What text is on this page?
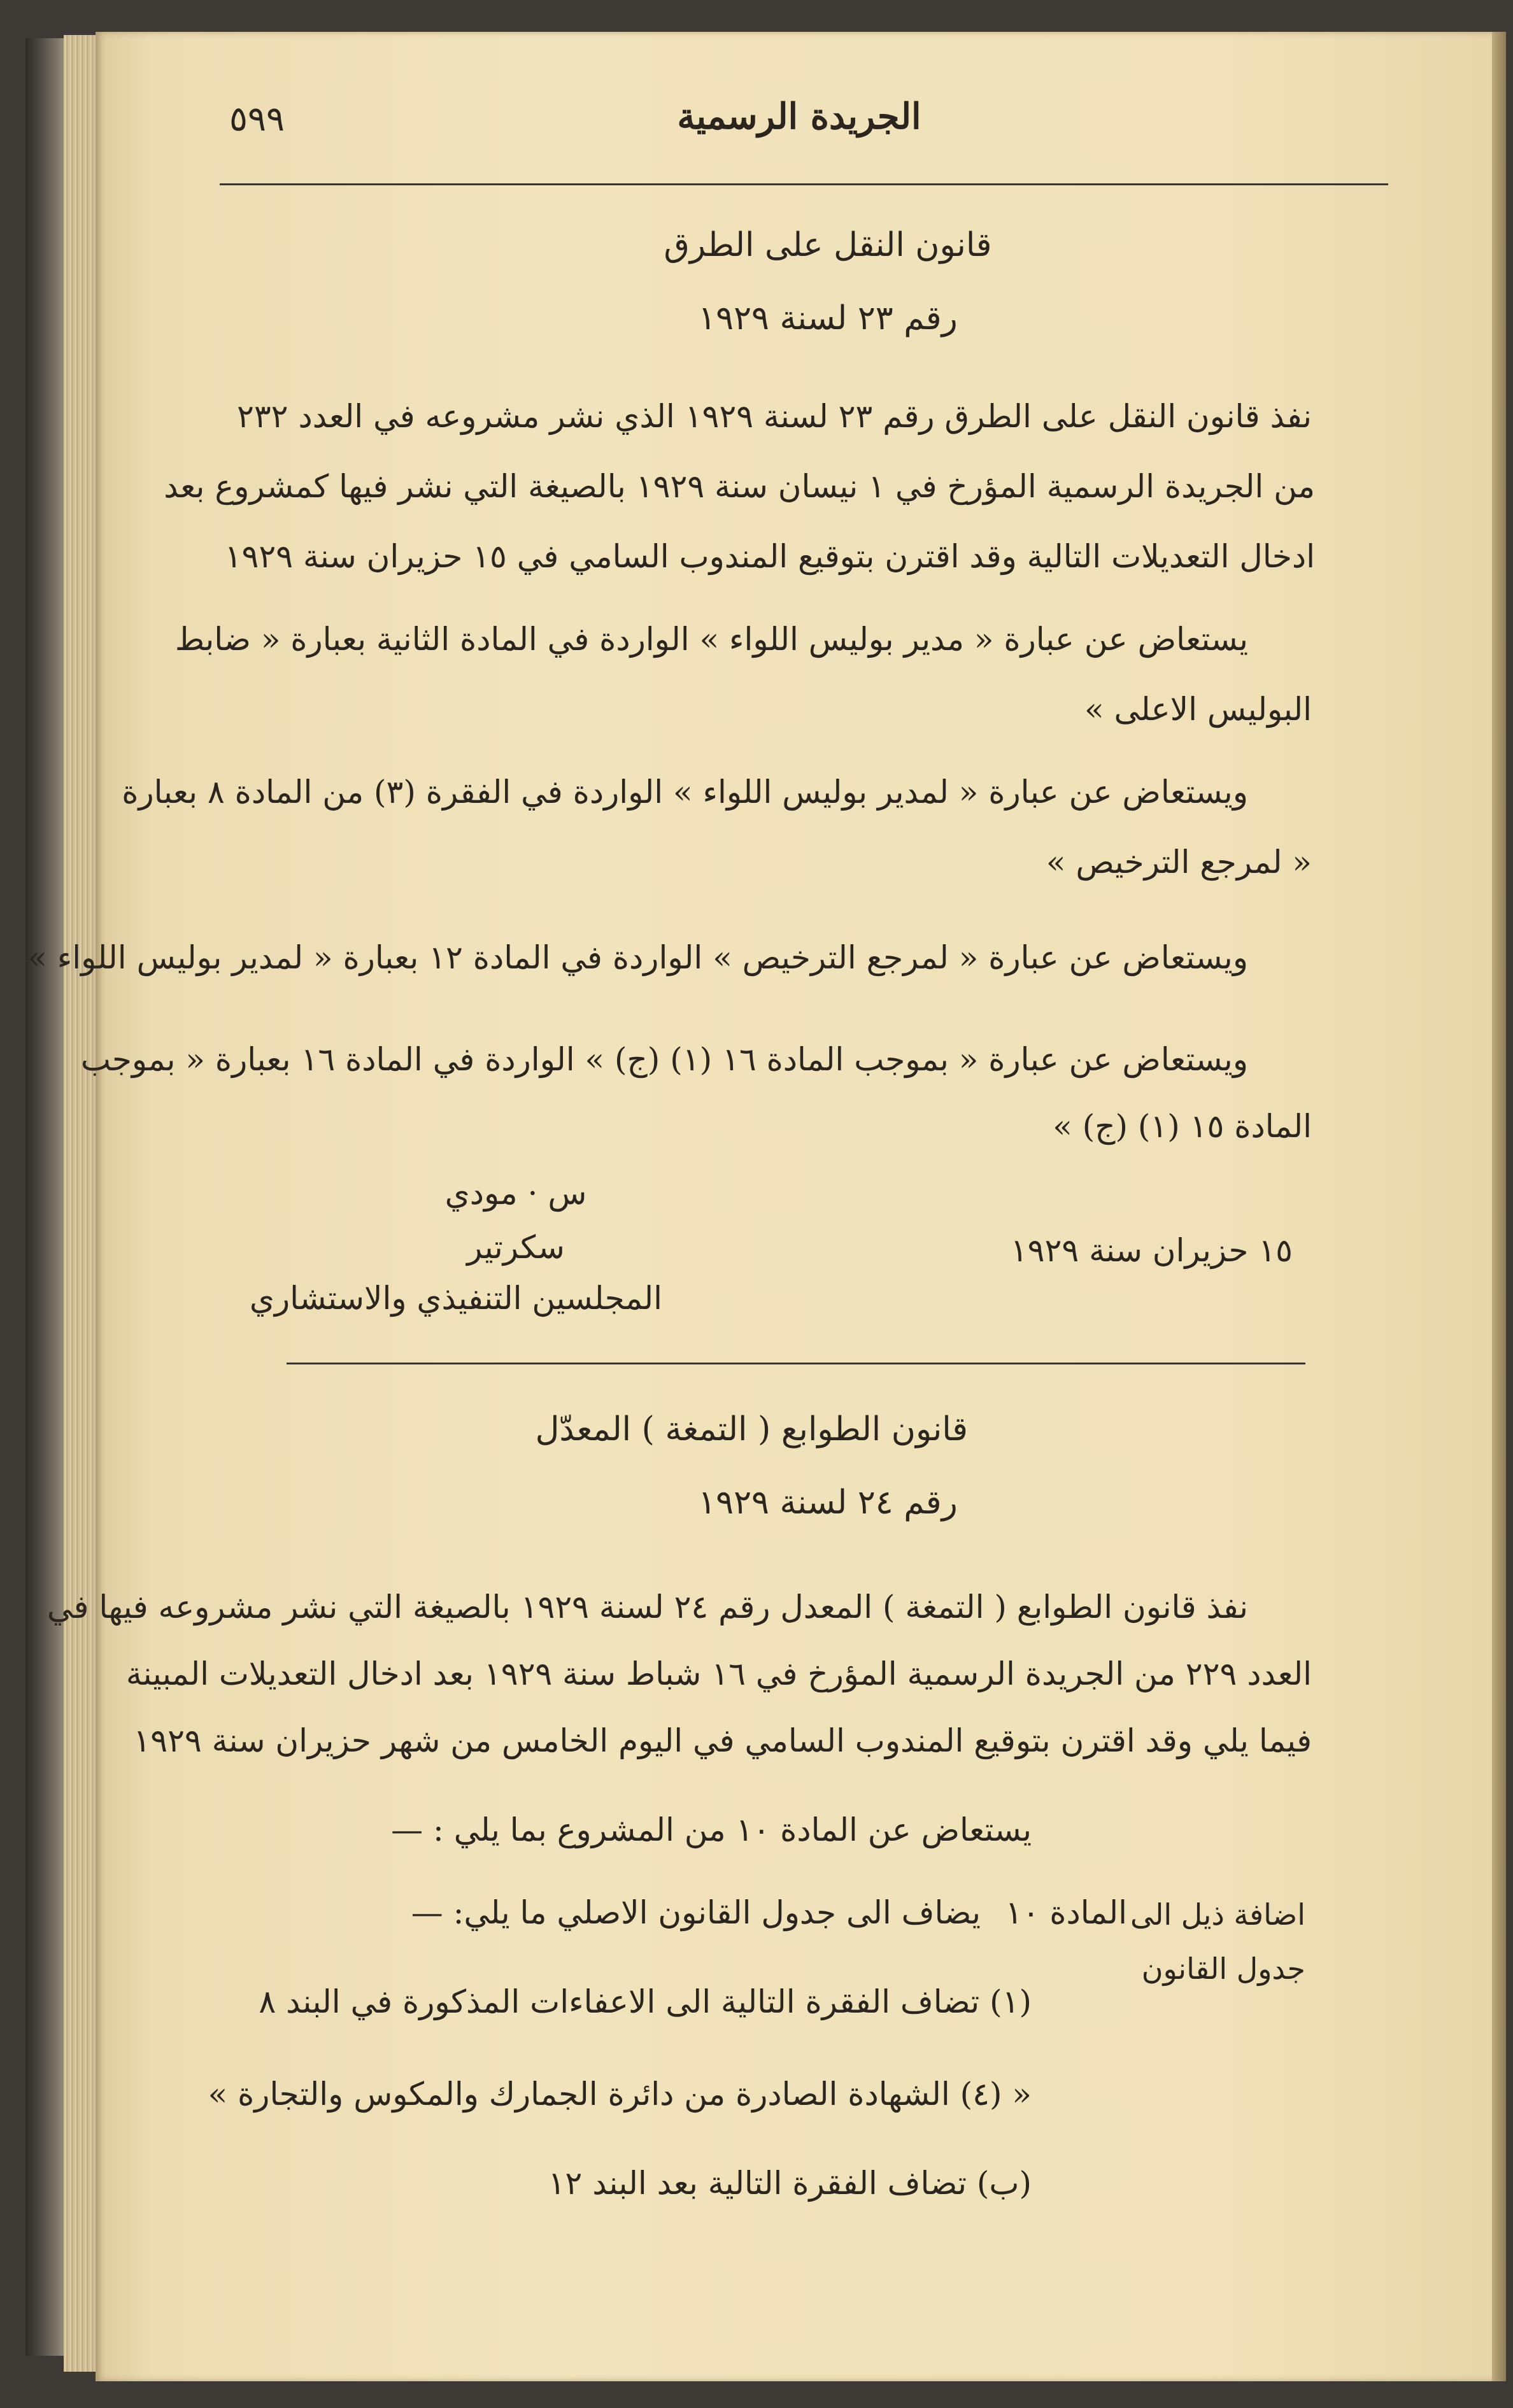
الجريدة الرسمية

٥٩٩

قانون النقل على الطرق

رقم ٢٣ لسنة ١٩٢٩

نفذ قانون النقل على الطرق رقم ٢٣ لسنة ١٩٢٩ الذي نشر مشروعه في العدد ٢٣٢

من الجريدة الرسمية المؤرخ في ١ نيسان سنة ١٩٢٩ بالصيغة التي نشر فيها كمشروع بعد

ادخال التعديلات التالية وقد اقترن بتوقيع المندوب السامي في ١٥ حزيران سنة ١٩٢٩

يستعاض عن عبارة « مدير بوليس اللواء » الواردة في المادة الثانية بعبارة « ضابط

البوليس الاعلى »

ويستعاض عن عبارة « لمدير بوليس اللواء » الواردة في الفقرة (٣) من المادة ٨ بعبارة

« لمرجع الترخيص »

ويستعاض عن عبارة « لمرجع الترخيص » الواردة في المادة ١٢ بعبارة « لمدير بوليس اللواء »

ويستعاض عن عبارة « بموجب المادة ١٦ (١) (ج) » الواردة في المادة ١٦ بعبارة « بموجب

المادة ١٥ (١) (ج) »

س · مودي

سكرتير

المجلسين التنفيذي والاستشاري

١٥ حزيران سنة ١٩٢٩

قانون الطوابع ( التمغة ) المعدّل

رقم ٢٤ لسنة ١٩٢٩

نفذ قانون الطوابع ( التمغة ) المعدل رقم ٢٤ لسنة ١٩٢٩ بالصيغة التي نشر مشروعه فيها في

العدد ٢٢٩ من الجريدة الرسمية المؤرخ في ١٦ شباط سنة ١٩٢٩ بعد ادخال التعديلات المبينة

فيما يلي وقد اقترن بتوقيع المندوب السامي في اليوم الخامس من شهر حزيران سنة ١٩٢٩

يستعاض عن المادة ١٠ من المشروع بما يلي : —

اضافة ذيل الى

جدول القانون

المادة ١٠

يضاف الى جدول القانون الاصلي ما يلي: —

(١) تضاف الفقرة التالية الى الاعفاءات المذكورة في البند ٨

« (٤) الشهادة الصادرة من دائرة الجمارك والمكوس والتجارة »

(ب) تضاف الفقرة التالية بعد البند ١٢
